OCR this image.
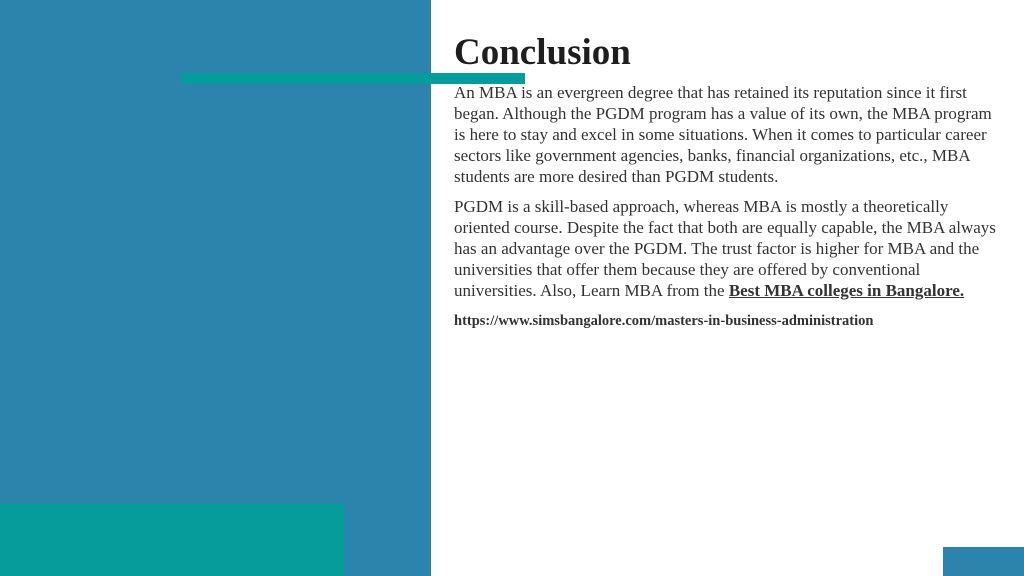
Conclusion

An MBA is an evergreen degree that has retained its reputation since it first began. Although the PGDM program has a value of its own, the MBA program is here to stay and excel in some situations. When it comes to particular career sectors like government agencies, banks, financial organizations, etc., MBA students are more desired than PGDM students.

PGDM is a skill-based approach, whereas MBA is mostly a theoretically oriented course. Despite the fact that both are equally capable, the MBA always has an advantage over the PGDM. The trust factor is higher for MBA and the universities that offer them because they are offered by conventional universities. Also, Learn MBA from the Best MBA colleges in Bangalore.

https://www.simsbangalore.com/masters-in-business-administration
